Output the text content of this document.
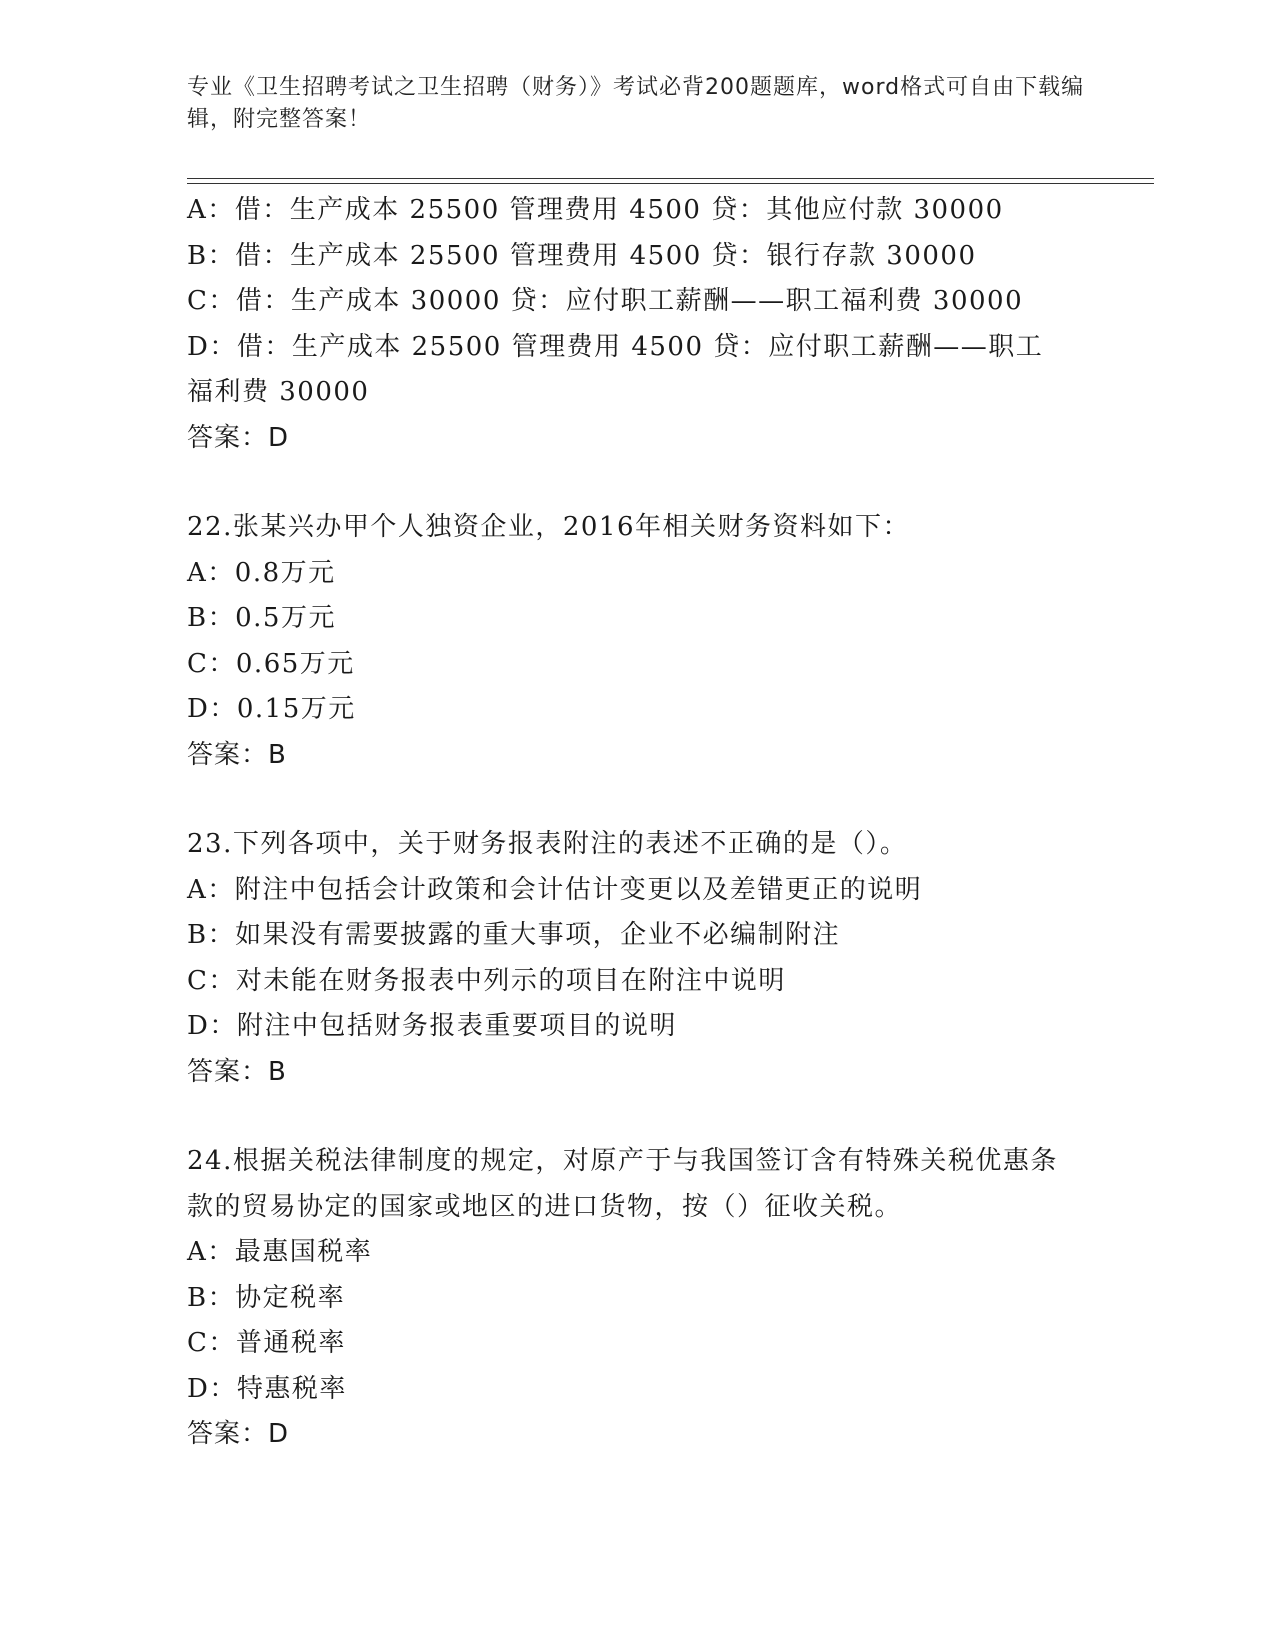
专业《卫生招聘考试之卫生招聘（财务）》考试必背200题题库，word格式可自由下载编辑，附完整答案！

A：借：生产成本 25500 管理费用 4500 贷：其他应付款 30000

B：借：生产成本 25500 管理费用 4500 贷：银行存款 30000

C：借：生产成本 30000 贷：应付职工薪酬——职工福利费 30000

D：借：生产成本 25500 管理费用 4500 贷：应付职工薪酬——职工福利费 30000

答案：D

22.张某兴办甲个人独资企业，2016年相关财务资料如下：

A：0.8万元

B：0.5万元

C：0.65万元

D：0.15万元

答案：B

23.下列各项中，关于财务报表附注的表述不正确的是（）。

A：附注中包括会计政策和会计估计变更以及差错更正的说明

B：如果没有需要披露的重大事项，企业不必编制附注

C：对未能在财务报表中列示的项目在附注中说明

D：附注中包括财务报表重要项目的说明

答案：B

24.根据关税法律制度的规定，对原产于与我国签订含有特殊关税优惠条款的贸易协定的国家或地区的进口货物，按（）征收关税。

A：最惠国税率

B：协定税率

C：普通税率

D：特惠税率

答案：D
